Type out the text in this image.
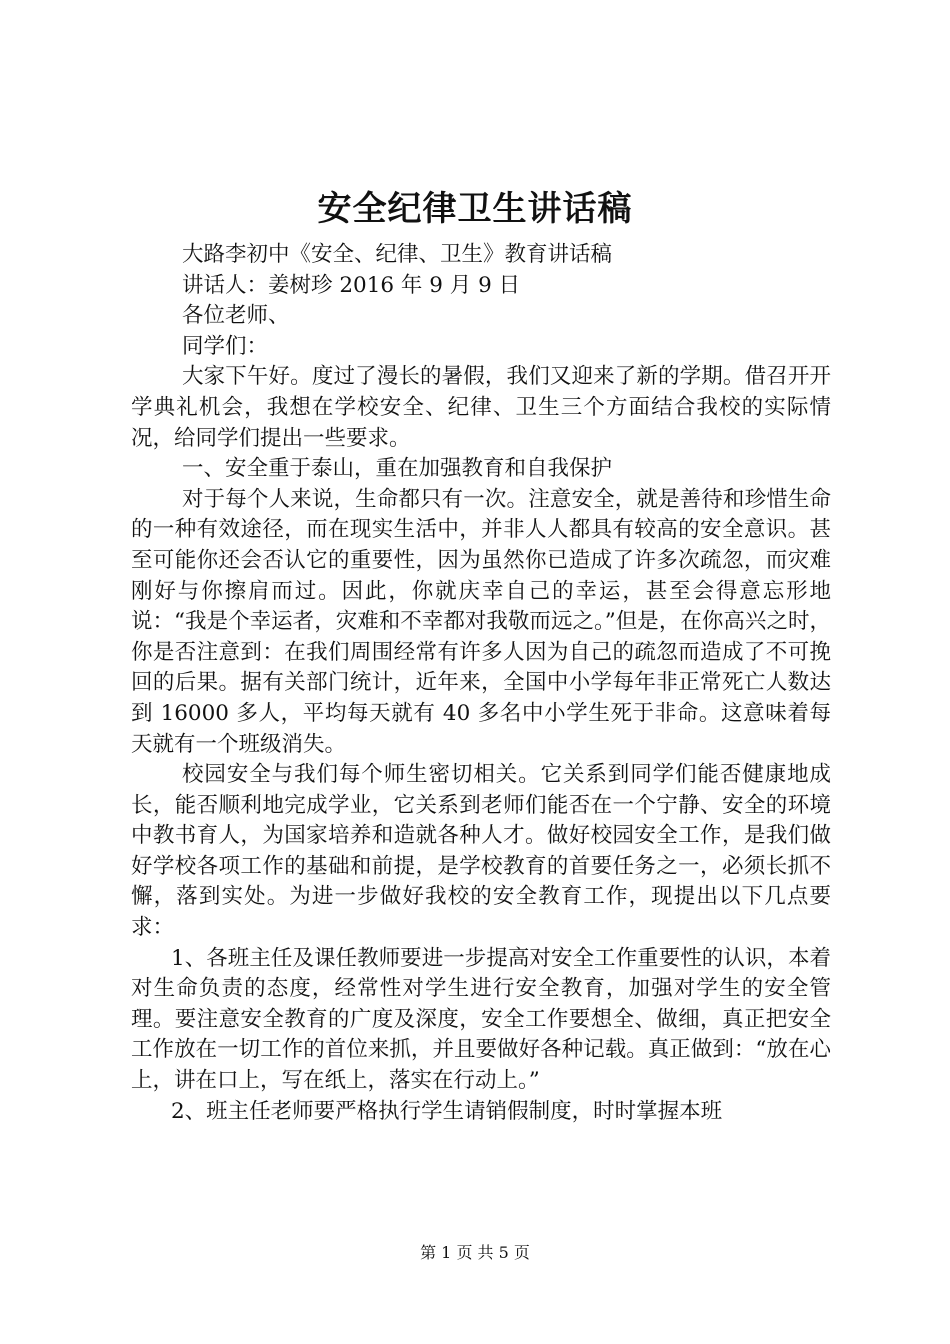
安全纪律卫生讲话稿

大路李初中《安全、纪律、卫生》教育讲话稿

讲话人：姜树珍 2016 年 9 月 9 日

各位老师、

同学们：

大家下午好。度过了漫长的暑假，我们又迎来了新的学期。借召开开学典礼机会，我想在学校安全、纪律、卫生三个方面结合我校的实际情况，给同学们提出一些要求。

一、安全重于泰山，重在加强教育和自我保护

对于每个人来说，生命都只有一次。注意安全，就是善待和珍惜生命的一种有效途径，而在现实生活中，并非人人都具有较高的安全意识。甚至可能你还会否认它的重要性，因为虽然你已造成了许多次疏忽，而灾难刚好与你擦肩而过。因此，你就庆幸自己的幸运，甚至会得意忘形地说：“我是个幸运者，灾难和不幸都对我敬而远之。”但是，在你高兴之时，你是否注意到：在我们周围经常有许多人因为自己的疏忽而造成了不可挽回的后果。据有关部门统计，近年来，全国中小学每年非正常死亡人数达到 16000 多人，平均每天就有 40 多名中小学生死于非命。这意味着每天就有一个班级消失。

校园安全与我们每个师生密切相关。它关系到同学们能否健康地成长，能否顺利地完成学业，它关系到老师们能否在一个宁静、安全的环境中教书育人，为国家培养和造就各种人才。做好校园安全工作，是我们做好学校各项工作的基础和前提，是学校教育的首要任务之一，必须长抓不懈，落到实处。为进一步做好我校的安全教育工作，现提出以下几点要求：

1、各班主任及课任教师要进一步提高对安全工作重要性的认识，本着对生命负责的态度，经常性对学生进行安全教育，加强对学生的安全管理。要注意安全教育的广度及深度，安全工作要想全、做细，真正把安全工作放在一切工作的首位来抓，并且要做好各种记载。真正做到：“放在心上，讲在口上，写在纸上，落实在行动上。”

2、班主任老师要严格执行学生请销假制度，时时掌握本班

第 1 页 共 5 页
